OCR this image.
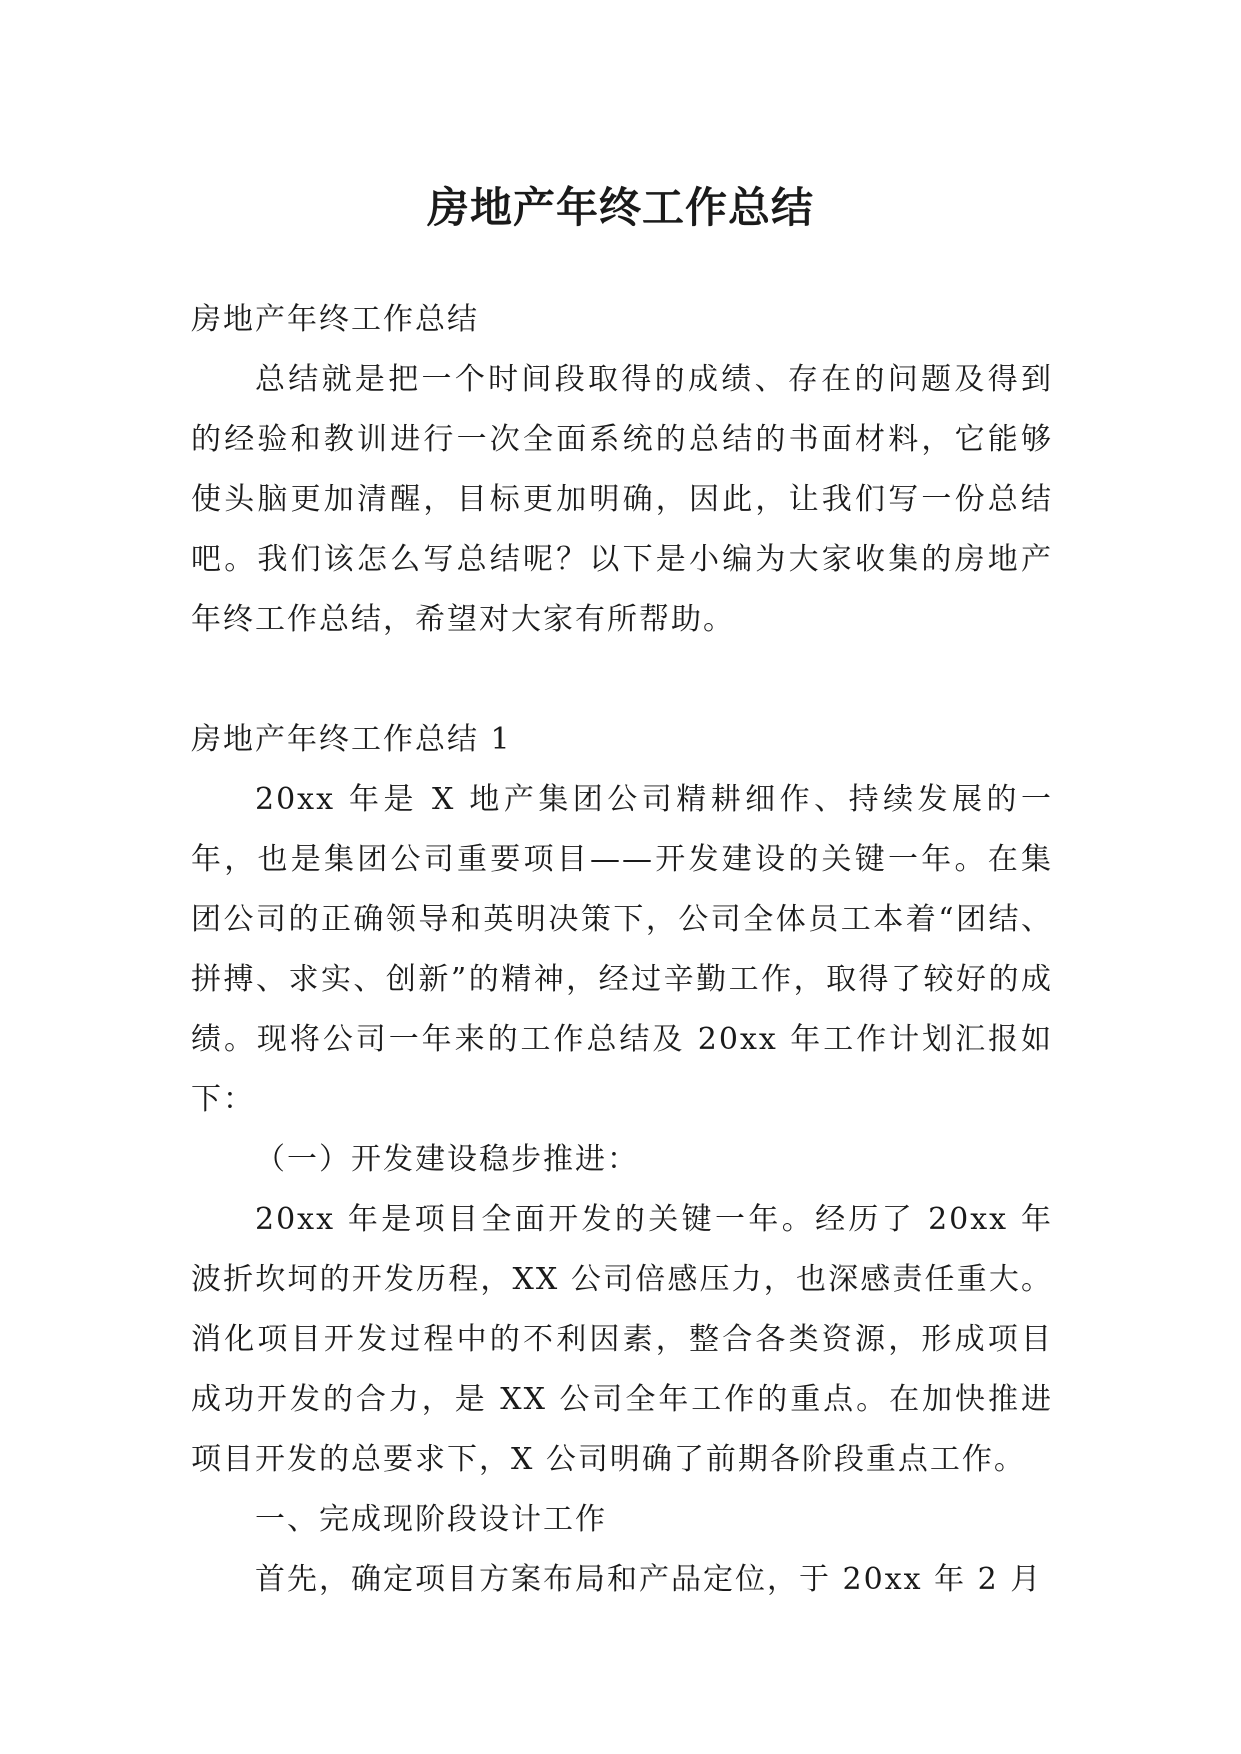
房地产年终工作总结

房地产年终工作总结

总结就是把一个时间段取得的成绩、存在的问题及得到的经验和教训进行一次全面系统的总结的书面材料，它能够使头脑更加清醒，目标更加明确，因此，让我们写一份总结吧。我们该怎么写总结呢？以下是小编为大家收集的房地产年终工作总结，希望对大家有所帮助。

房地产年终工作总结 1

20xx 年是 X 地产集团公司精耕细作、持续发展的一年，也是集团公司重要项目——开发建设的关键一年。在集团公司的正确领导和英明决策下，公司全体员工本着“团结、拼搏、求实、创新”的精神，经过辛勤工作，取得了较好的成绩。现将公司一年来的工作总结及 20xx 年工作计划汇报如下：

（一）开发建设稳步推进：

20xx 年是项目全面开发的关键一年。经历了 20xx 年波折坎坷的开发历程，XX 公司倍感压力，也深感责任重大。消化项目开发过程中的不利因素，整合各类资源，形成项目成功开发的合力，是 XX 公司全年工作的重点。在加快推进项目开发的总要求下，X 公司明确了前期各阶段重点工作。

一、完成现阶段设计工作

首先，确定项目方案布局和产品定位，于 20xx 年 2 月
